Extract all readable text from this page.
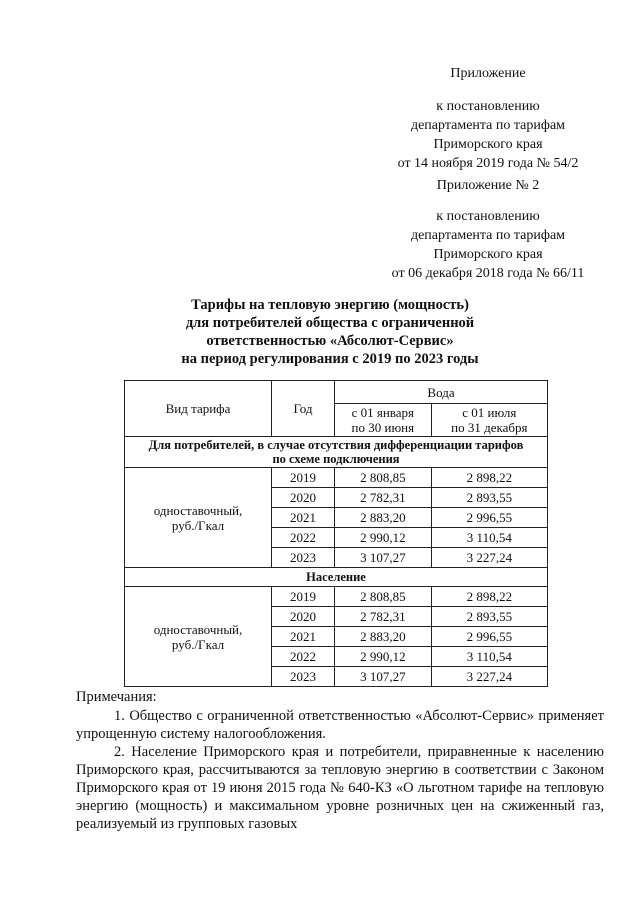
Приложение
к постановлению
департамента по тарифам
Приморского края
от 14 ноября 2019 года № 54/2
Приложение № 2
к постановлению
департамента по тарифам
Приморского края
от 06 декабря 2018 года № 66/11
Тарифы на тепловую энергию (мощность)
для потребителей общества с ограниченной
ответственностью «Абсолют-Сервис»
на период регулирования с 2019 по 2023 годы
Вид тарифа	Год	Вода	
		с 01 января
по 30 июня	с 01 июля
по 31 декабря
Для потребителей, в случае отсутствия дифференциации тарифов
по схеме подключения			
одноставочный,
руб./Гкал	2019	2 808,85	2 898,22
	2020	2 782,31	2 893,55
	2021	2 883,20	2 996,55
	2022	2 990,12	3 110,54
	2023	3 107,27	3 227,24
Население			
одноставочный,
руб./Гкал	2019	2 808,85	2 898,22
	2020	2 782,31	2 893,55
	2021	2 883,20	2 996,55
	2022	2 990,12	3 110,54
	2023	3 107,27	3 227,24

Примечания:

1. Общество с ограниченной ответственностью «Абсолют-Сервис» применяет упрощенную систему налогообложения.

2. Население Приморского края и потребители, приравненные к населению Приморского края, рассчитываются за тепловую энергию в соответствии с Законом Приморского края от 19 июня 2015 года № 640-КЗ «О льготном тарифе на тепловую энергию (мощность) и максимальном уровне розничных цен на сжиженный газ, реализуемый из групповых газовых
